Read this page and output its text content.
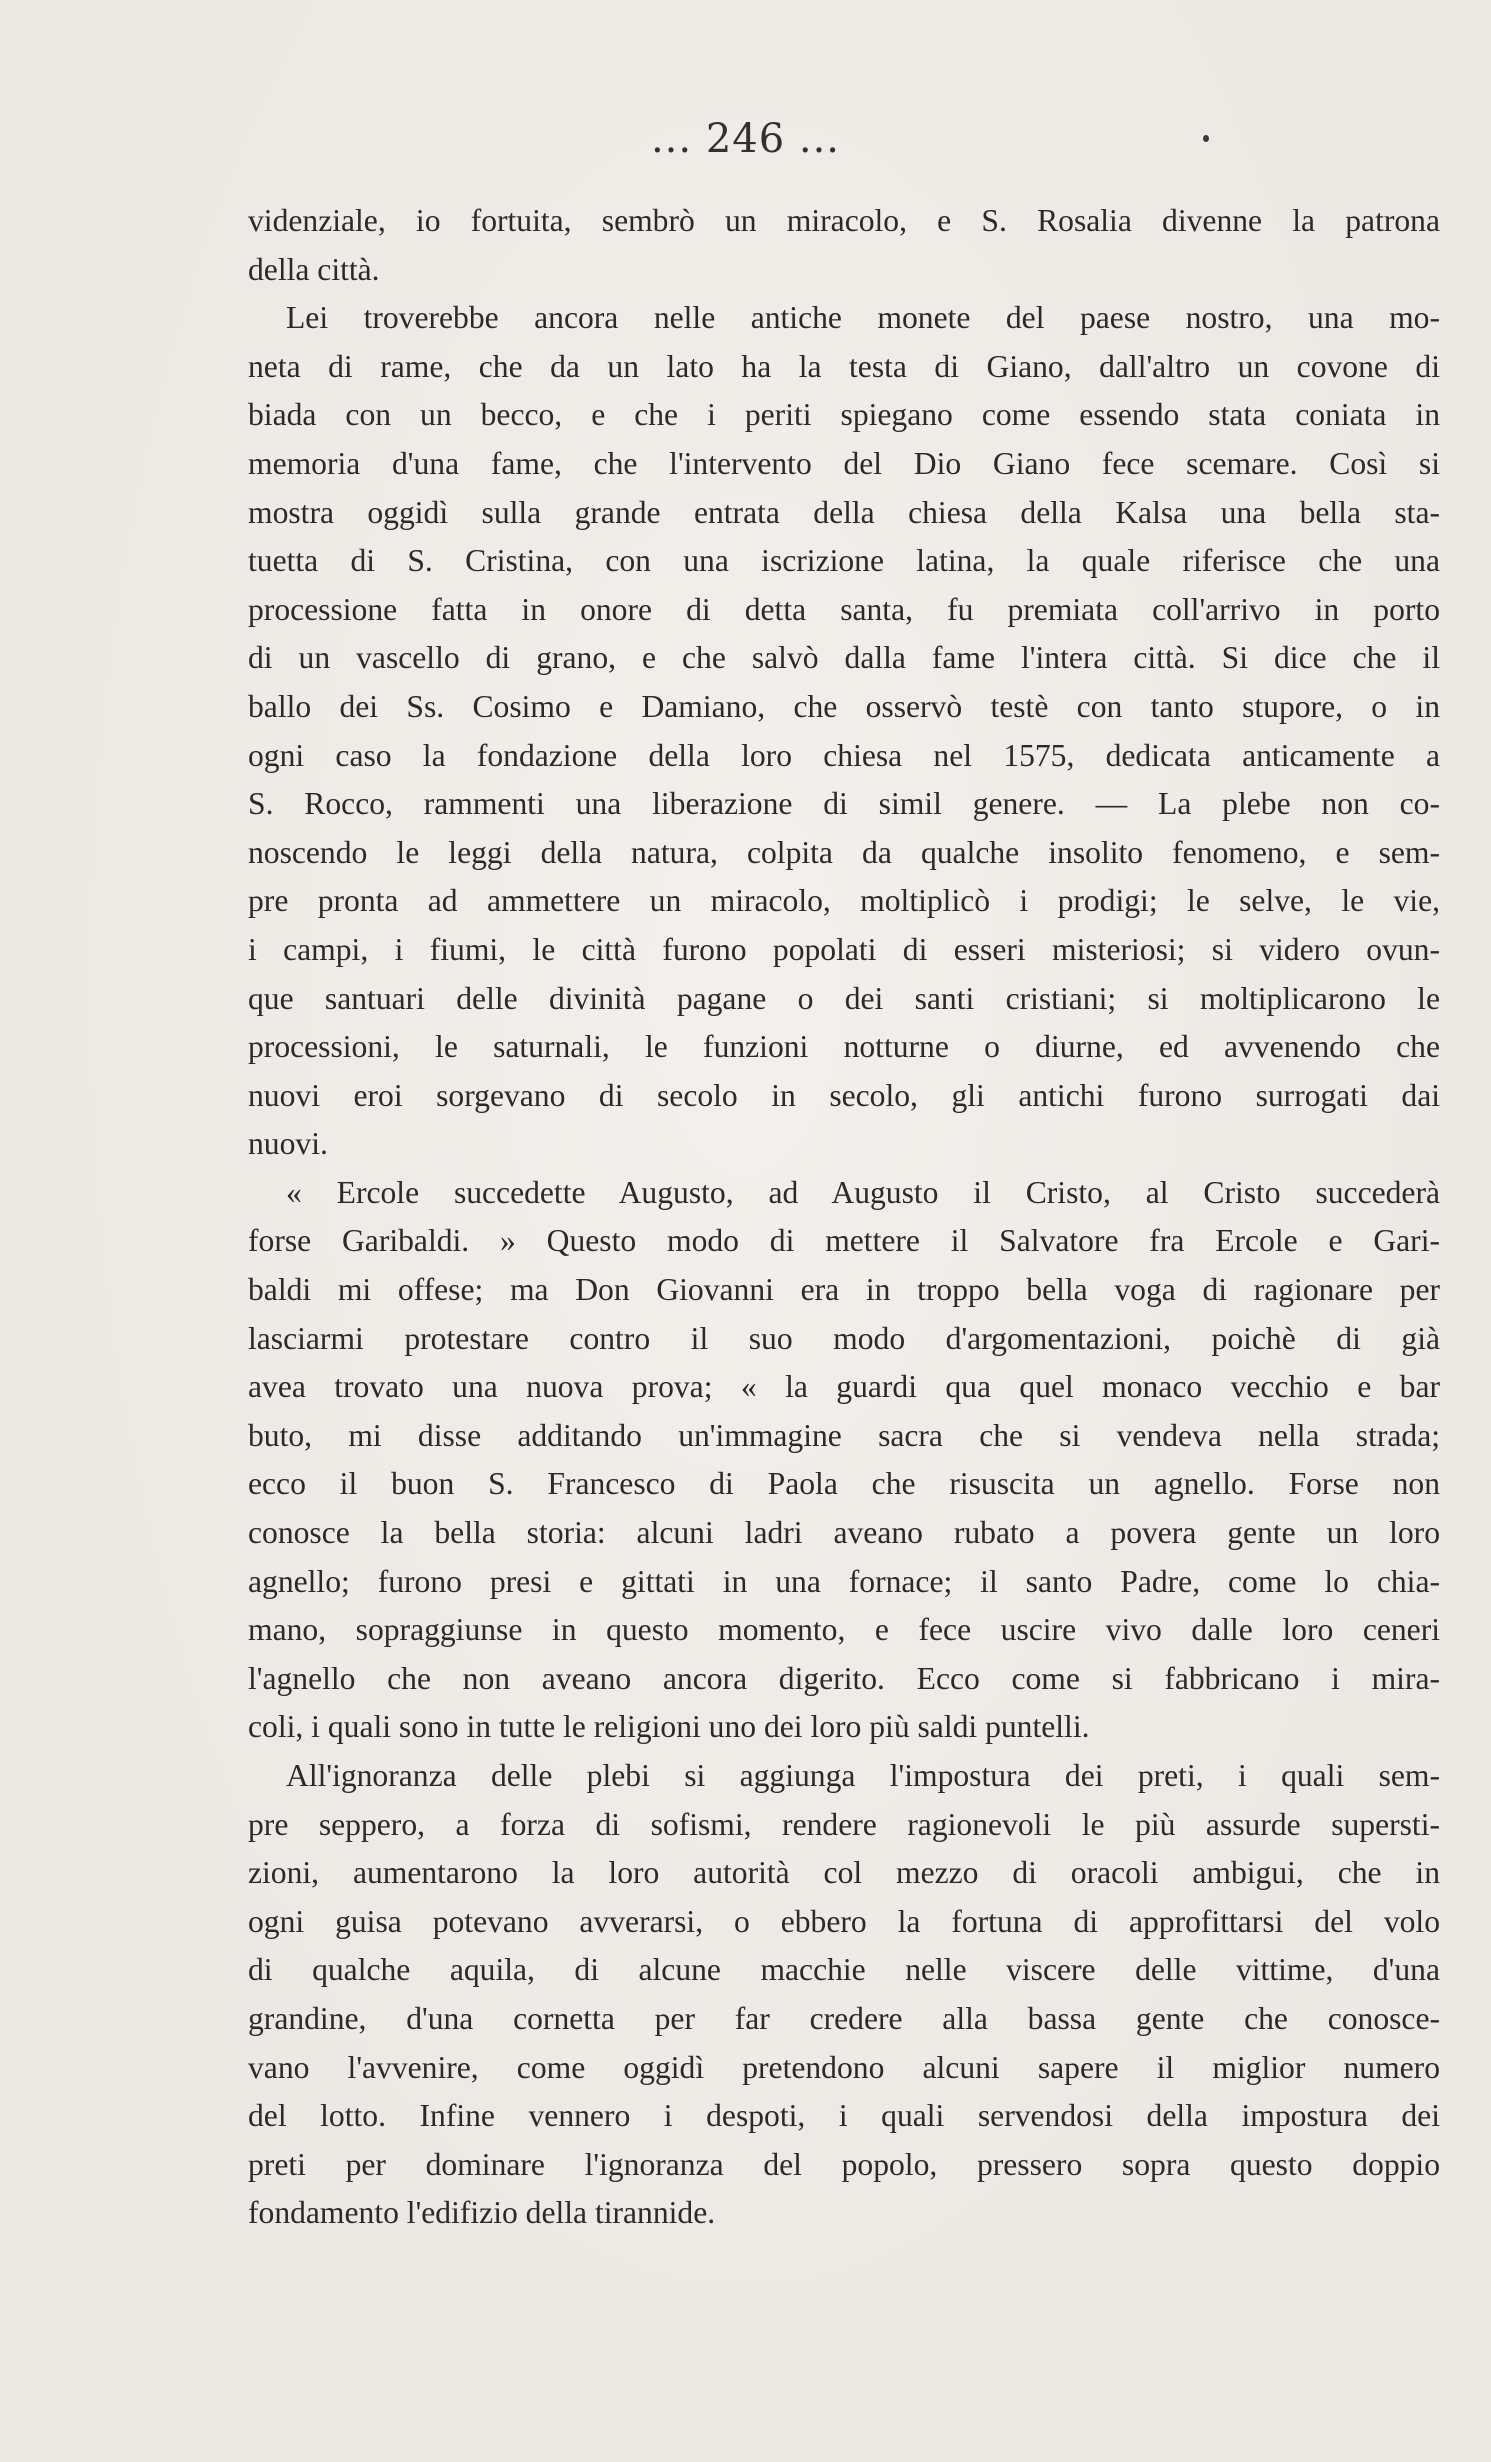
... 246 ...
videnziale, io fortuita, sembrò un miracolo, e S. Rosalia divenne la patrona
della città.
Lei troverebbe ancora nelle antiche monete del paese nostro, una mo-
neta di rame, che da un lato ha la testa di Giano, dall'altro un covone di
biada con un becco, e che i periti spiegano come essendo stata coniata in
memoria d'una fame, che l'intervento del Dio Giano fece scemare. Così si
mostra oggidì sulla grande entrata della chiesa della Kalsa una bella sta-
tuetta di S. Cristina, con una iscrizione latina, la quale riferisce che una
processione fatta in onore di detta santa, fu premiata coll'arrivo in porto
di un vascello di grano, e che salvò dalla fame l'intera città. Si dice che il
ballo dei Ss. Cosimo e Damiano, che osservò testè con tanto stupore, o in
ogni caso la fondazione della loro chiesa nel 1575, dedicata anticamente a
S. Rocco, rammenti una liberazione di simil genere. — La plebe non co-
noscendo le leggi della natura, colpita da qualche insolito fenomeno, e sem-
pre pronta ad ammettere un miracolo, moltiplicò i prodigi; le selve, le vie,
i campi, i fiumi, le città furono popolati di esseri misteriosi; si videro ovun-
que santuari delle divinità pagane o dei santi cristiani; si moltiplicarono le
processioni, le saturnali, le funzioni notturne o diurne, ed avvenendo che
nuovi eroi sorgevano di secolo in secolo, gli antichi furono surrogati dai
nuovi.
« Ercole succedette Augusto, ad Augusto il Cristo, al Cristo succederà
forse Garibaldi. » Questo modo di mettere il Salvatore fra Ercole e Gari-
baldi mi offese; ma Don Giovanni era in troppo bella voga di ragionare per
lasciarmi protestare contro il suo modo d'argomentazioni, poichè di già
avea trovato una nuova prova; « la guardi qua quel monaco vecchio e bar
buto, mi disse additando un'immagine sacra che si vendeva nella strada;
ecco il buon S. Francesco di Paola che risuscita un agnello. Forse non
conosce la bella storia: alcuni ladri aveano rubato a povera gente un loro
agnello; furono presi e gittati in una fornace; il santo Padre, come lo chia-
mano, sopraggiunse in questo momento, e fece uscire vivo dalle loro ceneri
l'agnello che non aveano ancora digerito. Ecco come si fabbricano i mira-
coli, i quali sono in tutte le religioni uno dei loro più saldi puntelli.
All'ignoranza delle plebi si aggiunga l'impostura dei preti, i quali sem-
pre seppero, a forza di sofismi, rendere ragionevoli le più assurde supersti-
zioni, aumentarono la loro autorità col mezzo di oracoli ambigui, che in
ogni guisa potevano avverarsi, o ebbero la fortuna di approfittarsi del volo
di qualche aquila, di alcune macchie nelle viscere delle vittime, d'una
grandine, d'una cornetta per far credere alla bassa gente che conosce-
vano l'avvenire, come oggidì pretendono alcuni sapere il miglior numero
del lotto. Infine vennero i despoti, i quali servendosi della impostura dei
preti per dominare l'ignoranza del popolo, pressero sopra questo doppio
fondamento l'edifizio della tirannide.
